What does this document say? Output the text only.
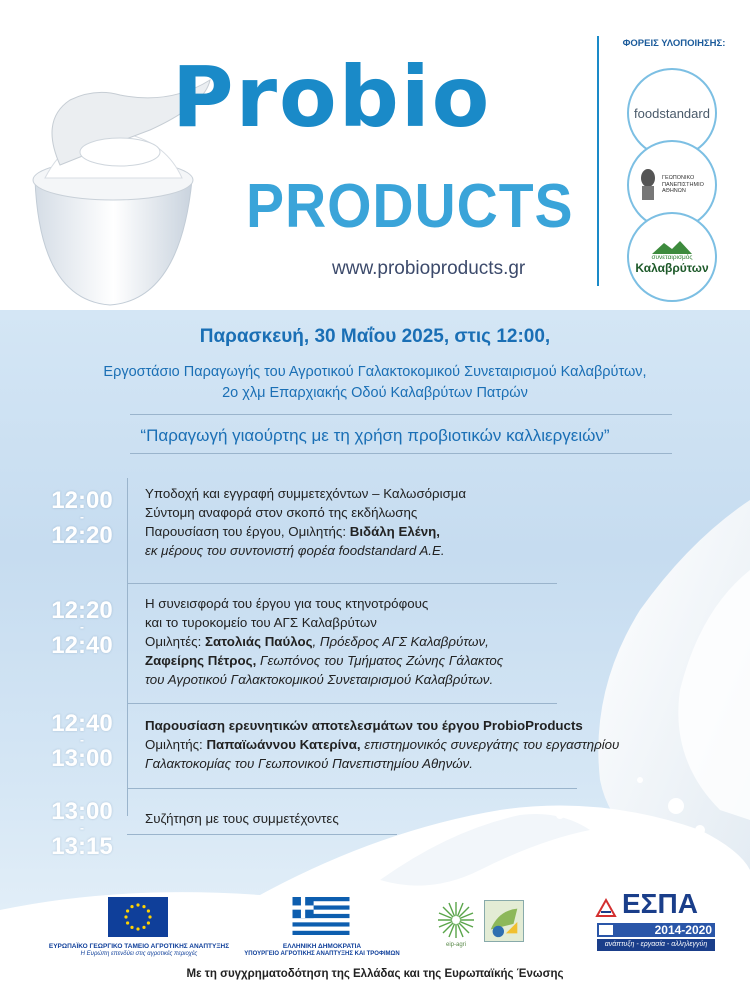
Probio
PRODUCTS
www.probioproducts.gr
ΦΟΡΕΙΣ ΥΛΟΠΟΙΗΣΗΣ:
foodstandard
ΓΕΩΠΟΝΙΚΟ ΠΑΝΕΠΙΣΤΗΜΙΟ ΑΘΗΝΩΝ
συνεταιρισμός
Καλαβρύτων
Παρασκευή, 30 Μαΐου 2025, στις 12:00,
Εργοστάσιο Παραγωγής του Αγροτικού Γαλακτοκομικού Συνεταιρισμού Καλαβρύτων,
2ο χλμ Επαρχιακής Οδού Καλαβρύτων Πατρών
“Παραγωγή γιαούρτης με τη χρήση προβιοτικών καλλιεργειών”
12:00
-
12:20
Υποδοχή και εγγραφή συμμετεχόντων – Καλωσόρισμα
Σύντομη αναφορά στον σκοπό της εκδήλωσης
Παρουσίαση του έργου, Ομιλητής: Βιδάλη Ελένη,
εκ μέρους του συντονιστή φορέα foodstandard A.E.
12:20
-
12:40
Η συνεισφορά του έργου για τους κτηνοτρόφους
και το τυροκομείο του ΑΓΣ Καλαβρύτων
Ομιλητές: Σατολιάς Παύλος, Πρόεδρος ΑΓΣ Καλαβρύτων,
Ζαφείρης Πέτρος, Γεωπόνος του Τμήματος Ζώνης Γάλακτος
του Αγροτικού Γαλακτοκομικού Συνεταιρισμού Καλαβρύτων.
12:40
-
13:00
Παρουσίαση ερευνητικών αποτελεσμάτων του έργου ProbioProducts
Ομιλητής: Παπαϊωάννου Κατερίνα, επιστημονικός συνεργάτης του εργαστηρίου
Γαλακτοκομίας του Γεωπονικού Πανεπιστημίου Αθηνών.
13:00
-
13:15
Συζήτηση με τους συμμετέχοντες
ΕΥΡΩΠΑΪΚΟ ΓΕΩΡΓΙΚΟ ΤΑΜΕΙΟ ΑΓΡΟΤΙΚΗΣ ΑΝΑΠΤΥΞΗΣ
Η Ευρώπη επενδύει στις αγροτικές περιοχές
ΕΛΛΗΝΙΚΗ ΔΗΜΟΚΡΑΤΙΑ
ΥΠΟΥΡΓΕΙΟ ΑΓΡΟΤΙΚΗΣ ΑΝΑΠΤΥΞΗΣ ΚΑΙ ΤΡΟΦΙΜΩΝ
eip-agri
ΕΣΠΑ
2014-2020
ανάπτυξη - εργασία - αλληλεγγύη
Με τη συγχρηματοδότηση της Ελλάδας και της Ευρωπαϊκής Ένωσης
